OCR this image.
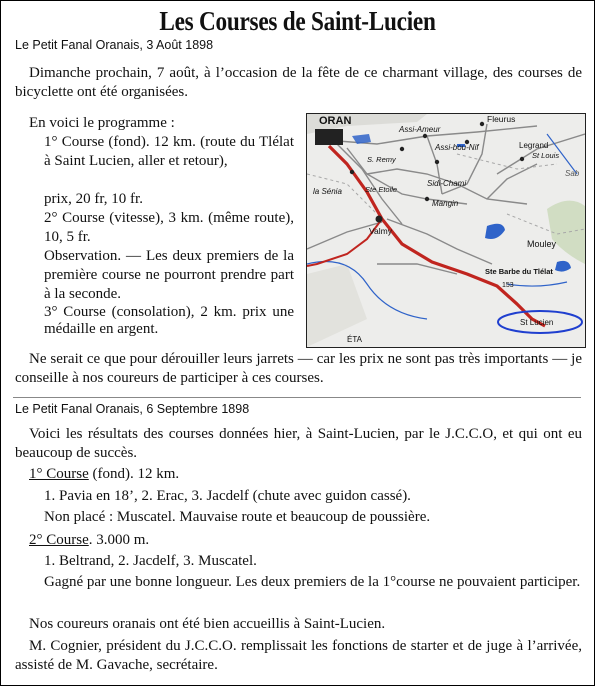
Les Courses de Saint-Lucien
Le Petit Fanal Oranais, 3 Août 1898
Dimanche prochain, 7 août, à l’occasion de la fête de ce charmant village, des courses de bicyclette ont été organisées.
En voici le programme :
1° Course (fond). 12 km. (route du Tlélat à Saint Lucien, aller et retour),
prix, 20 fr, 10 fr.
2° Course (vitesse), 3 km. (même route), 10, 5 fr.
Observation. — Les deux premiers de la première course ne pourront prendre part à la seconde.
3° Course (consolation), 2 km. prix une médaille en argent.
ORAN	Fleurus
Assi-Ameur
Assi-bou-Nif	Legrand
St Louis
S. Remy
la Sénia	Ste Etoile
Sidi-Chami
Mangin
Valmy
Mouley
Ste Barbe du Tlélat
153
St Lucien
ÉTA
Sab
Ne serait ce que pour dérouiller leurs jarrets — car les prix ne sont pas très importants — je conseille à nos coureurs de participer à ces courses.
Le Petit Fanal Oranais, 6 Septembre 1898
Voici les résultats des courses données hier, à Saint-Lucien, par le J.C.C.O, et qui ont eu beaucoup de succès.
1° Course (fond). 12 km.
1. Pavia en 18’, 2. Erac, 3. Jacdelf (chute avec guidon cassé).
Non placé : Muscatel. Mauvaise route et beaucoup de poussière.
2° Course. 3.000 m.
1. Beltrand, 2. Jacdelf, 3. Muscatel.
Gagné par une bonne longueur. Les deux premiers de la 1°course ne pouvaient participer.
Nos coureurs oranais ont été bien accueillis à Saint-Lucien.
M. Cognier, président du J.C.C.O. remplissait les fonctions de starter et de juge à l’arrivée, assisté de M. Gavache, secrétaire.
